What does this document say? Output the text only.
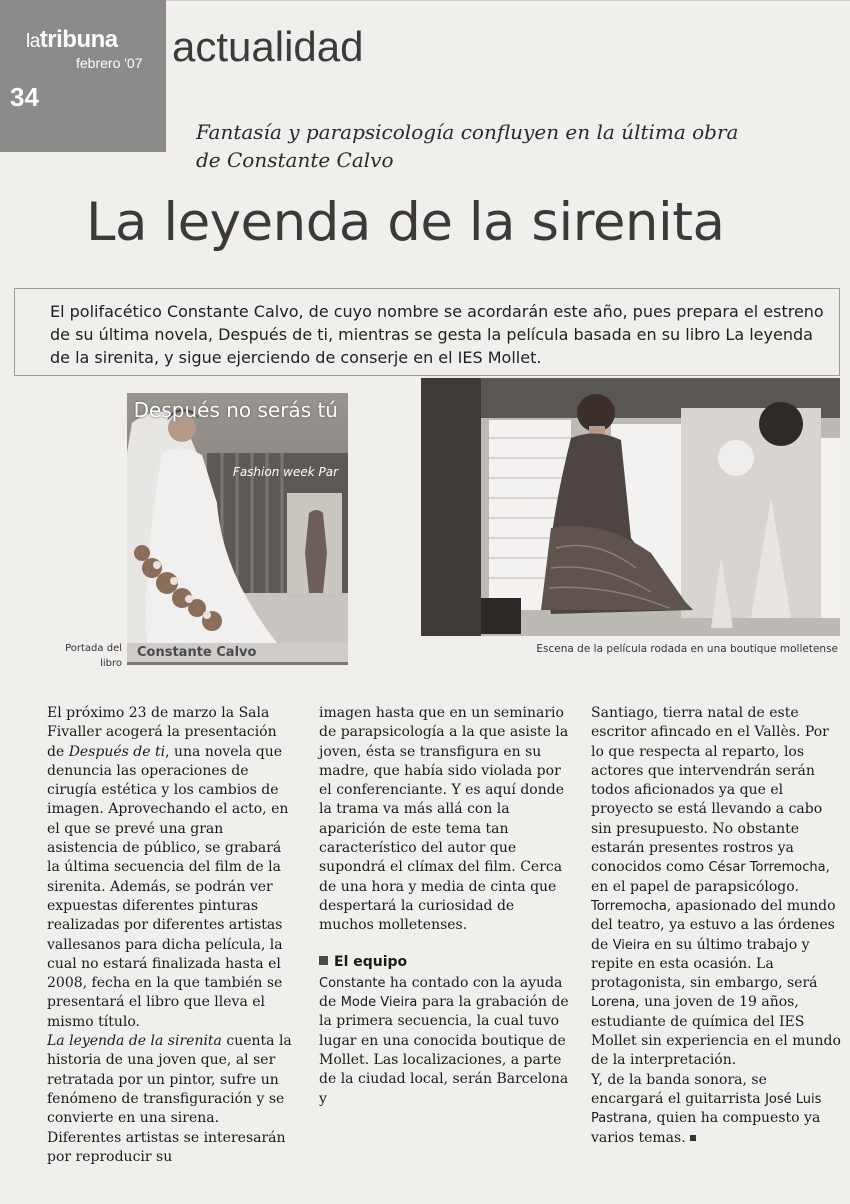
latribuna
febrero '07
34
actualidad
Fantasía y parapsicología confluyen en la última obra de Constante Calvo
La leyenda de la sirenita
El polifacético Constante Calvo, de cuyo nombre se acordarán este año, pues prepara el estreno de su última novela, Después de ti, mientras se gesta la película basada en su libro La leyenda de la sirenita, y sigue ejerciendo de conserje en el IES Mollet.
Después no serás tú
Fashion week Par
Constante Calvo
Portada del libro
Escena de la película rodada en una boutique molletense

El próximo 23 de marzo la Sala Fivaller acogerá la presentación de Después de ti, una novela que denuncia las operaciones de cirugía estética y los cambios de imagen. Aprovechando el acto, en el que se prevé una gran asistencia de público, se grabará la última secuencia del film de la sirenita. Además, se podrán ver expuestas diferentes pinturas realizadas por diferentes artistas vallesanos para dicha película, la cual no estará finalizada hasta el 2008, fecha en la que también se presentará el libro que lleva el mismo título.

La leyenda de la sirenita cuenta la historia de una joven que, al ser retratada por un pintor, sufre un fenómeno de transfiguración y se convierte en una sirena. Diferentes artistas se interesarán por reproducir su

imagen hasta que en un seminario de parapsicología a la que asiste la joven, ésta se transfigura en su madre, que había sido violada por el conferenciante. Y es aquí donde la trama va más allá con la aparición de este tema tan característico del autor que supondrá el clímax del film. Cerca de una hora y media de cinta que despertará la curiosidad de muchos molletenses.

El equipo

Constante ha contado con la ayuda de Mode Vieira para la grabación de la primera secuencia, la cual tuvo lugar en una conocida boutique de Mollet. Las localizaciones, a parte de la ciudad local, serán Barcelona y

Santiago, tierra natal de este escritor afincado en el Vallès. Por lo que respecta al reparto, los actores que intervendrán serán todos aficionados ya que el proyecto se está llevando a cabo sin presupuesto. No obstante estarán presentes rostros ya conocidos como César Torremocha, en el papel de parapsicólogo. Torremocha, apasionado del mundo del teatro, ya estuvo a las órdenes de Vieira en su último trabajo y repite en esta ocasión. La protagonista, sin embargo, será Lorena, una joven de 19 años, estudiante de química del IES Mollet sin experiencia en el mundo de la interpretación.

Y, de la banda sonora, se encargará el guitarrista José Luis Pastrana, quien ha compuesto ya varios temas.
